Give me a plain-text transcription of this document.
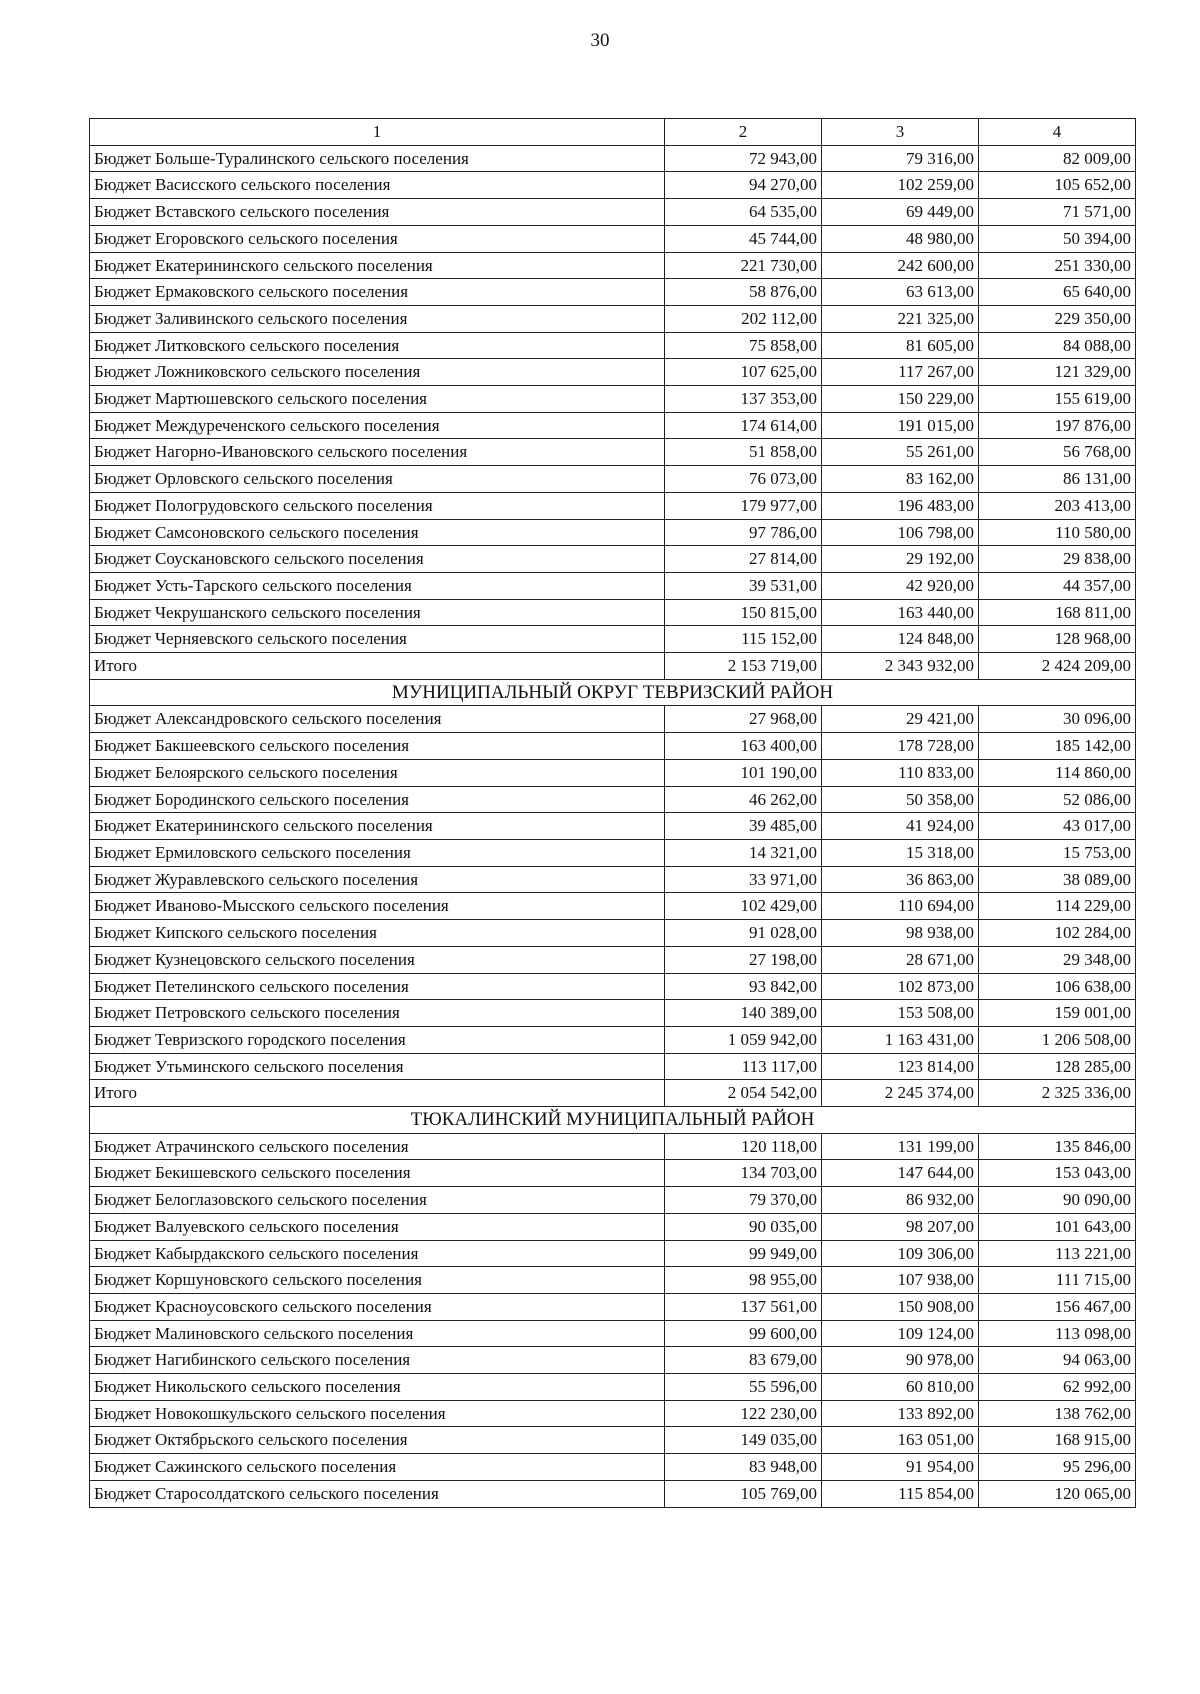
30
1	2	3	4
Бюджет Больше-Туралинского сельского поселения	72 943,00	79 316,00	82 009,00
Бюджет Васисского сельского поселения	94 270,00	102 259,00	105 652,00
Бюджет Вставского сельского поселения	64 535,00	69 449,00	71 571,00
Бюджет Егоровского сельского поселения	45 744,00	48 980,00	50 394,00
Бюджет Екатерининского сельского поселения	221 730,00	242 600,00	251 330,00
Бюджет Ермаковского сельского поселения	58 876,00	63 613,00	65 640,00
Бюджет Заливинского сельского поселения	202 112,00	221 325,00	229 350,00
Бюджет Литковского сельского поселения	75 858,00	81 605,00	84 088,00
Бюджет Ложниковского сельского поселения	107 625,00	117 267,00	121 329,00
Бюджет Мартюшевского сельского поселения	137 353,00	150 229,00	155 619,00
Бюджет Междуреченского сельского поселения	174 614,00	191 015,00	197 876,00
Бюджет Нагорно-Ивановского сельского поселения	51 858,00	55 261,00	56 768,00
Бюджет Орловского сельского поселения	76 073,00	83 162,00	86 131,00
Бюджет Пологрудовского сельского поселения	179 977,00	196 483,00	203 413,00
Бюджет Самсоновского сельского поселения	97 786,00	106 798,00	110 580,00
Бюджет Соускановского сельского поселения	27 814,00	29 192,00	29 838,00
Бюджет Усть-Тарского сельского поселения	39 531,00	42 920,00	44 357,00
Бюджет Чекрушанского сельского поселения	150 815,00	163 440,00	168 811,00
Бюджет Черняевского сельского поселения	115 152,00	124 848,00	128 968,00
Итого	2 153 719,00	2 343 932,00	2 424 209,00
МУНИЦИПАЛЬНЫЙ ОКРУГ ТЕВРИЗСКИЙ РАЙОН			
Бюджет Александровского сельского поселения	27 968,00	29 421,00	30 096,00
Бюджет Бакшеевского сельского поселения	163 400,00	178 728,00	185 142,00
Бюджет Белоярского сельского поселения	101 190,00	110 833,00	114 860,00
Бюджет Бородинского сельского поселения	46 262,00	50 358,00	52 086,00
Бюджет Екатерининского сельского поселения	39 485,00	41 924,00	43 017,00
Бюджет Ермиловского сельского поселения	14 321,00	15 318,00	15 753,00
Бюджет Журавлевского сельского поселения	33 971,00	36 863,00	38 089,00
Бюджет Иваново-Мысского сельского поселения	102 429,00	110 694,00	114 229,00
Бюджет Кипского сельского поселения	91 028,00	98 938,00	102 284,00
Бюджет Кузнецовского сельского поселения	27 198,00	28 671,00	29 348,00
Бюджет Петелинского сельского поселения	93 842,00	102 873,00	106 638,00
Бюджет Петровского сельского поселения	140 389,00	153 508,00	159 001,00
Бюджет Тевризского городского поселения	1 059 942,00	1 163 431,00	1 206 508,00
Бюджет Утьминского сельского поселения	113 117,00	123 814,00	128 285,00
Итого	2 054 542,00	2 245 374,00	2 325 336,00
ТЮКАЛИНСКИЙ МУНИЦИПАЛЬНЫЙ РАЙОН			
Бюджет Атрачинского сельского поселения	120 118,00	131 199,00	135 846,00
Бюджет Бекишевского сельского поселения	134 703,00	147 644,00	153 043,00
Бюджет Белоглазовского сельского поселения	79 370,00	86 932,00	90 090,00
Бюджет Валуевского сельского поселения	90 035,00	98 207,00	101 643,00
Бюджет Кабырдакского сельского поселения	99 949,00	109 306,00	113 221,00
Бюджет Коршуновского сельского поселения	98 955,00	107 938,00	111 715,00
Бюджет Красноусовского сельского поселения	137 561,00	150 908,00	156 467,00
Бюджет Малиновского сельского поселения	99 600,00	109 124,00	113 098,00
Бюджет Нагибинского сельского поселения	83 679,00	90 978,00	94 063,00
Бюджет Никольского сельского поселения	55 596,00	60 810,00	62 992,00
Бюджет Новокошкульского сельского поселения	122 230,00	133 892,00	138 762,00
Бюджет Октябрьского сельского поселения	149 035,00	163 051,00	168 915,00
Бюджет Сажинского сельского поселения	83 948,00	91 954,00	95 296,00
Бюджет Старосолдатского сельского поселения	105 769,00	115 854,00	120 065,00
